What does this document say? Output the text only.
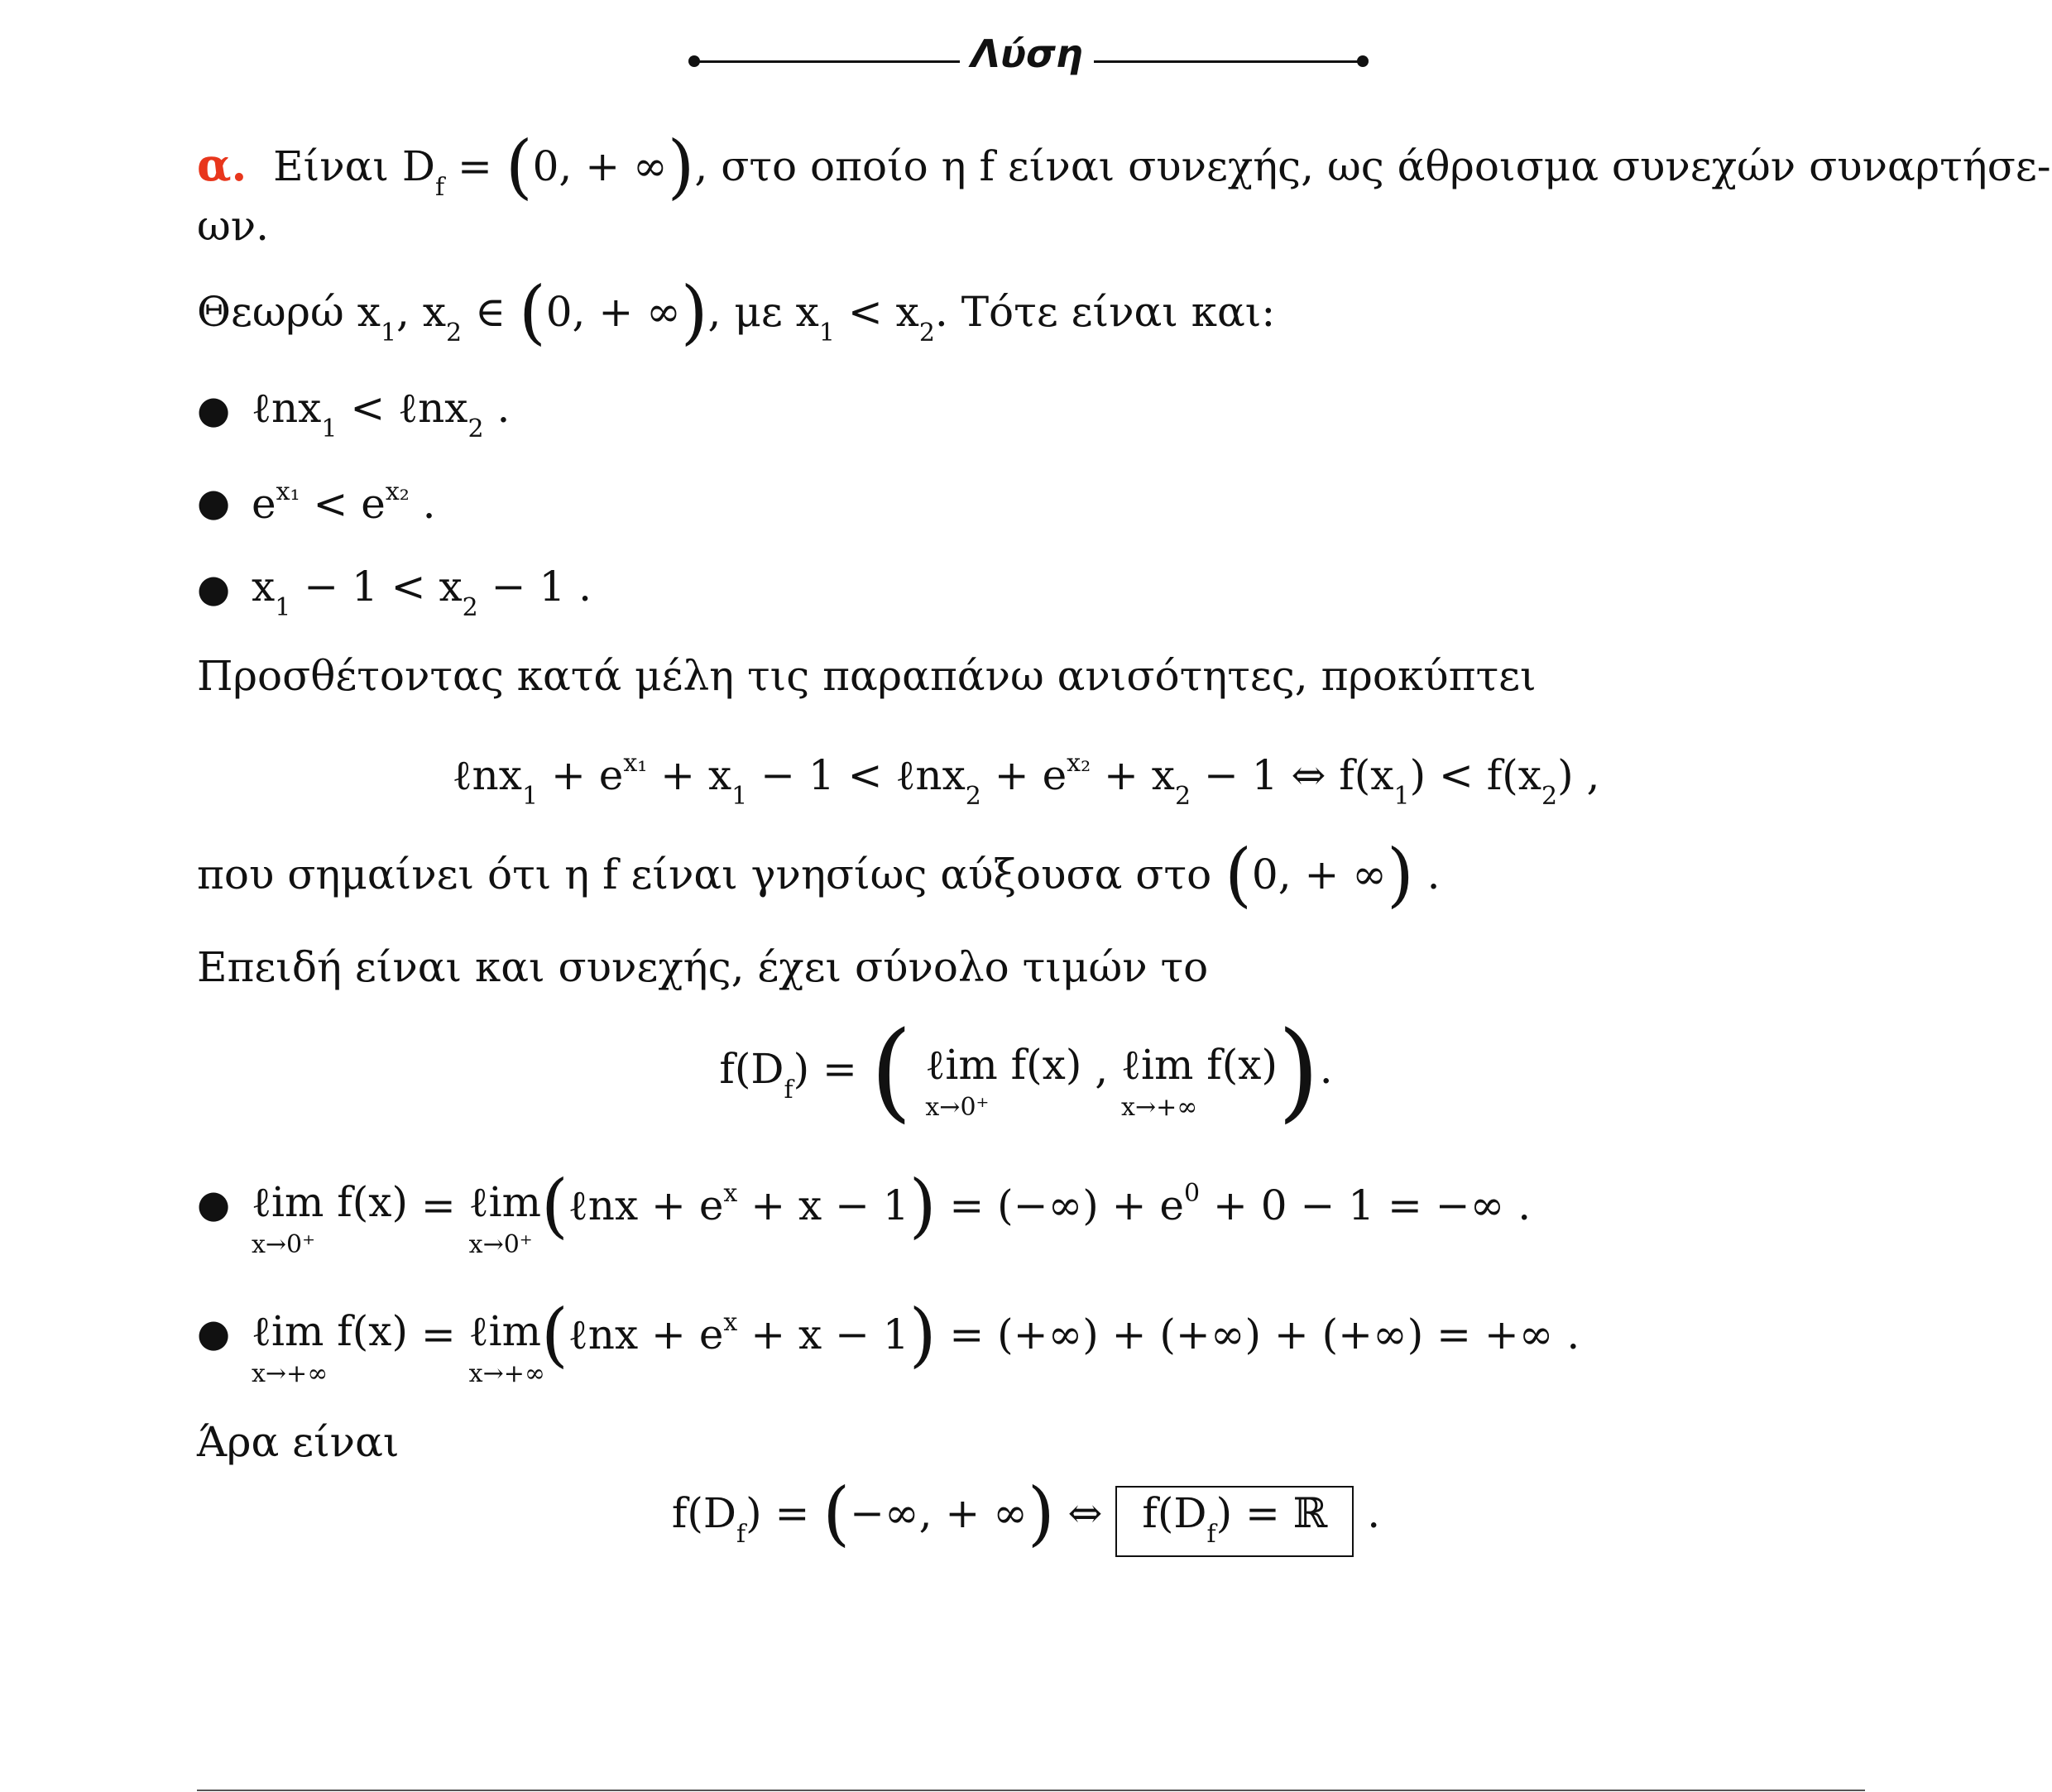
Λύση
α. Είναι $D_f = (0$, + ∞), στο οποίο η f είναι συνεχής, ως άθροισμα συνεχών συναρτήσε-
ων.
Θεωρώ $x_1$, $x_2$ ∈ (0, + ∞), με $x_1 < x_2$. Τότε είναι και:
● ℓnx$_1$ < ℓnx$_2$ .
● $e^{x_1} < e^{x_2}$ .
● $x_1 - 1 < x_2 - 1$ .
Προσθέτοντας κατά μέλη τις παραπάνω ανισότητες, προκύπτει
ℓnx$_1$ + $e^{x_1} + x_1 - 1$ < ℓnx$_2$ + $e^{x_2} + x_2 - 1$ ⇔ $f(x_1) < f(x_2)$ ,
που σημαίνει ότι η f είναι γνησίως αύξουσα στο (0, + ∞) .
Επειδή είναι και συνεχής, έχει σύνολο τιμών το
$f(D_f)$ = ( ℓim f(x)
x→0⁺
, ℓim f(x)
x→+∞ ).
● ℓim f(x)
x→0⁺
= ℓim
x→0⁺ (ℓnx + $e^x + x - 1$) = (−∞) + $e^0 + 0 - 1$ = −∞ .
● ℓim f(x)
x→+∞
= ℓim
x→+∞
(ℓnx + $e^x + x - 1$) = (+∞) + (+∞) + (+∞) = +∞ .
Άρα είναι
$f(D_f)$ = (−∞, + ∞) ⇔ $f(D_f)$ = ℝ .
